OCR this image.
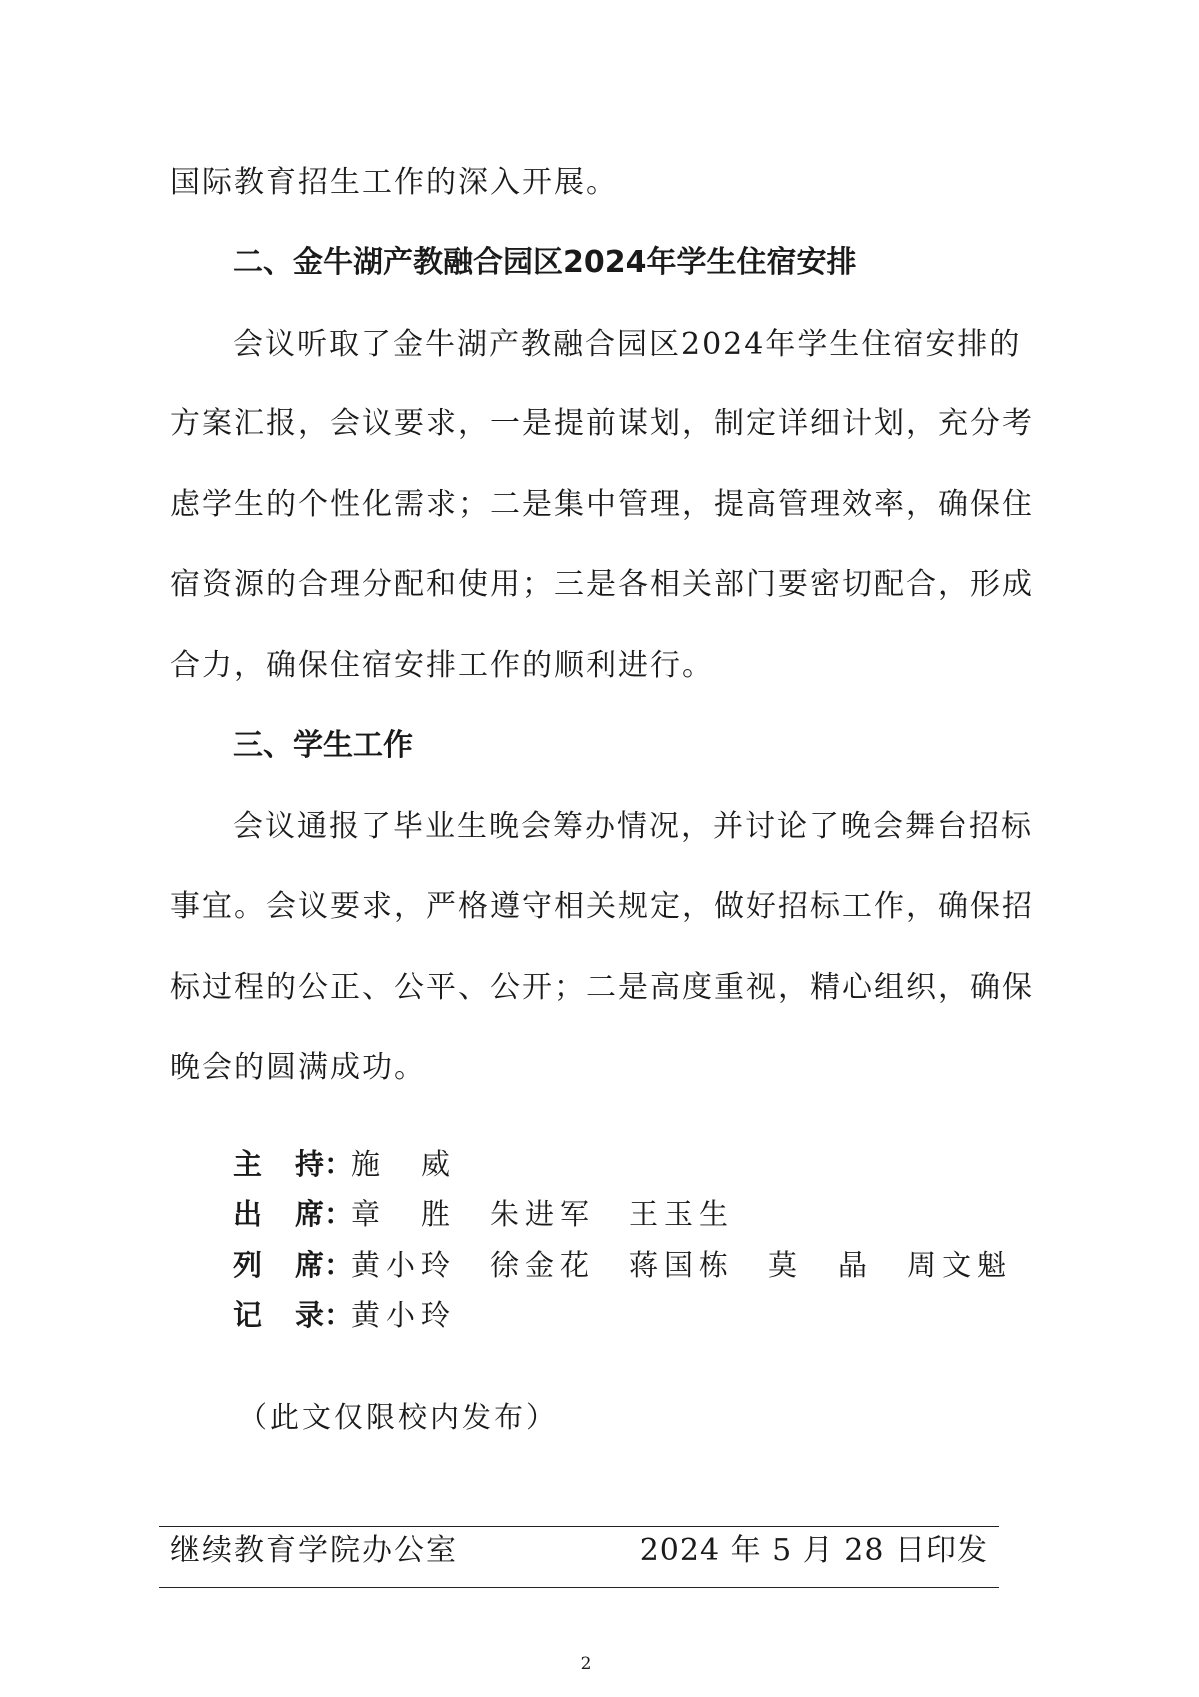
国际教育招生工作的深入开展。
二、金牛湖产教融合园区2024年学生住宿安排
会议听取了金牛湖产教融合园区2024年学生住宿安排的
方案汇报，会议要求，一是提前谋划，制定详细计划，充分考
虑学生的个性化需求；二是集中管理，提高管理效率，确保住
宿资源的合理分配和使用；三是各相关部门要密切配合，形成
合力，确保住宿安排工作的顺利进行。
三、学生工作
会议通报了毕业生晚会筹办情况，并讨论了晚会舞台招标
事宜。会议要求，严格遵守相关规定，做好招标工作，确保招
标过程的公正、公平、公开；二是高度重视，精心组织，确保
晚会的圆满成功。
主 持：
施　威
出 席：
章　胜 朱进军 王玉生
列 席：
黄小玲 徐金花 蒋国栋 莫　晶 周文魁
记 录：
黄小玲
（此文仅限校内发布）
继续教育学院办公室	2024 年 5 月 28 日印发
2
